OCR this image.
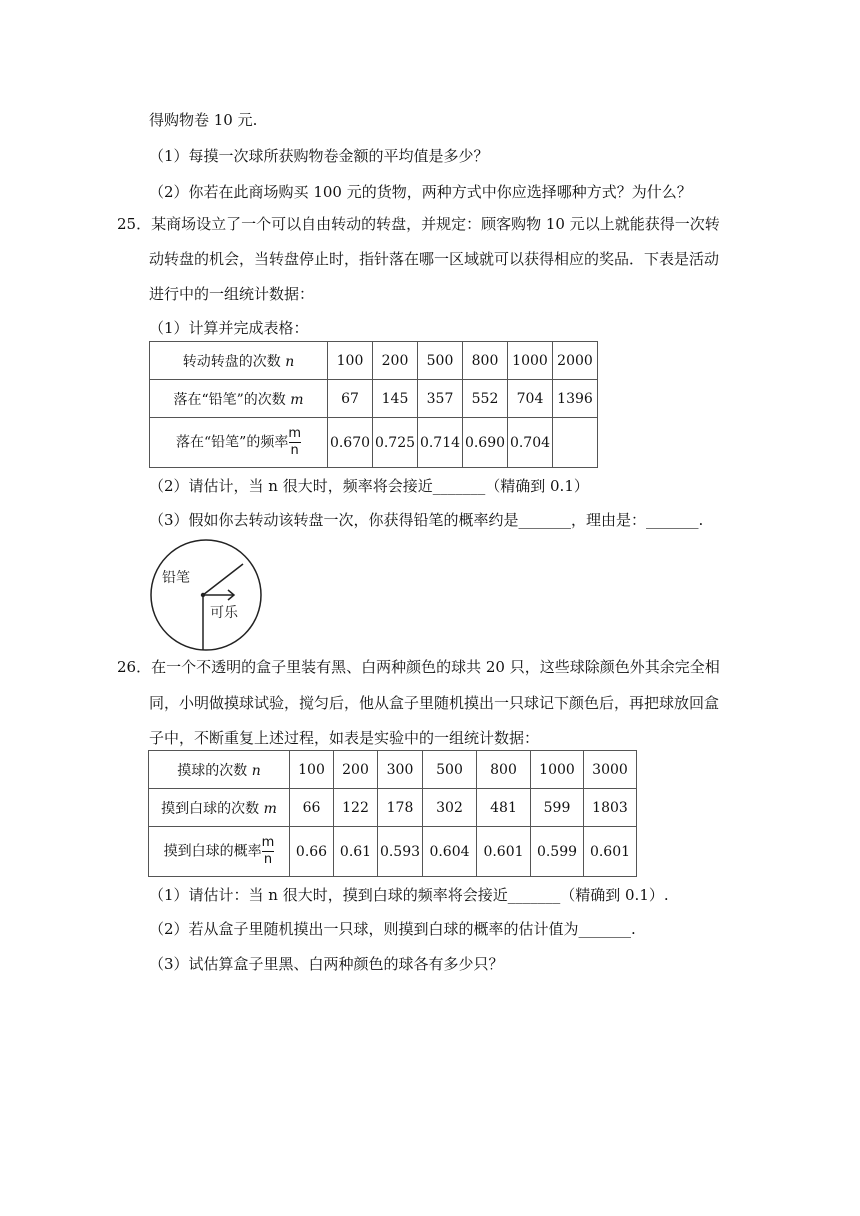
得购物卷 10 元.
（1）每摸一次球所获购物卷金额的平均值是多少？
（2）你若在此商场购买 100 元的货物，两种方式中你应选择哪种方式？为什么？
25．某商场设立了一个可以自由转动的转盘，并规定：顾客购物 10 元以上就能获得一次转
动转盘的机会，当转盘停止时，指针落在哪一区域就可以获得相应的奖品．下表是活动
进行中的一组统计数据：
（1）计算并完成表格：
转动转盘的次数 n	100	200	500	800	1000	2000
落在“铅笔”的次数 m	67	145	357	552	704	1396
落在“铅笔”的频率 $\frac{m}{n}$	0.670	0.725	0.714	0.690	0.704	
（2）请估计，当 n 很大时，频率将会接近_______（精确到 0.1）
（3）假如你去转动该转盘一次，你获得铅笔的概率约是_______，理由是：_______.
铅笔
可乐
26．在一个不透明的盒子里装有黑、白两种颜色的球共 20 只，这些球除颜色外其余完全相
同，小明做摸球试验，搅匀后，他从盒子里随机摸出一只球记下颜色后，再把球放回盒
子中，不断重复上述过程，如表是实验中的一组统计数据：
摸球的次数 n	100	200	300	500	800	1000	3000
摸到白球的次数 m	66	122	178	302	481	599	1803
摸到白球的概率 $\frac{m}{n}$	0.66	0.61	0.593	0.604	0.601	0.599	0.601
（1）请估计：当 n 很大时，摸到白球的频率将会接近_______（精确到 0.1）.
（2）若从盒子里随机摸出一只球，则摸到白球的概率的估计值为_______.
（3）试估算盒子里黑、白两种颜色的球各有多少只？
